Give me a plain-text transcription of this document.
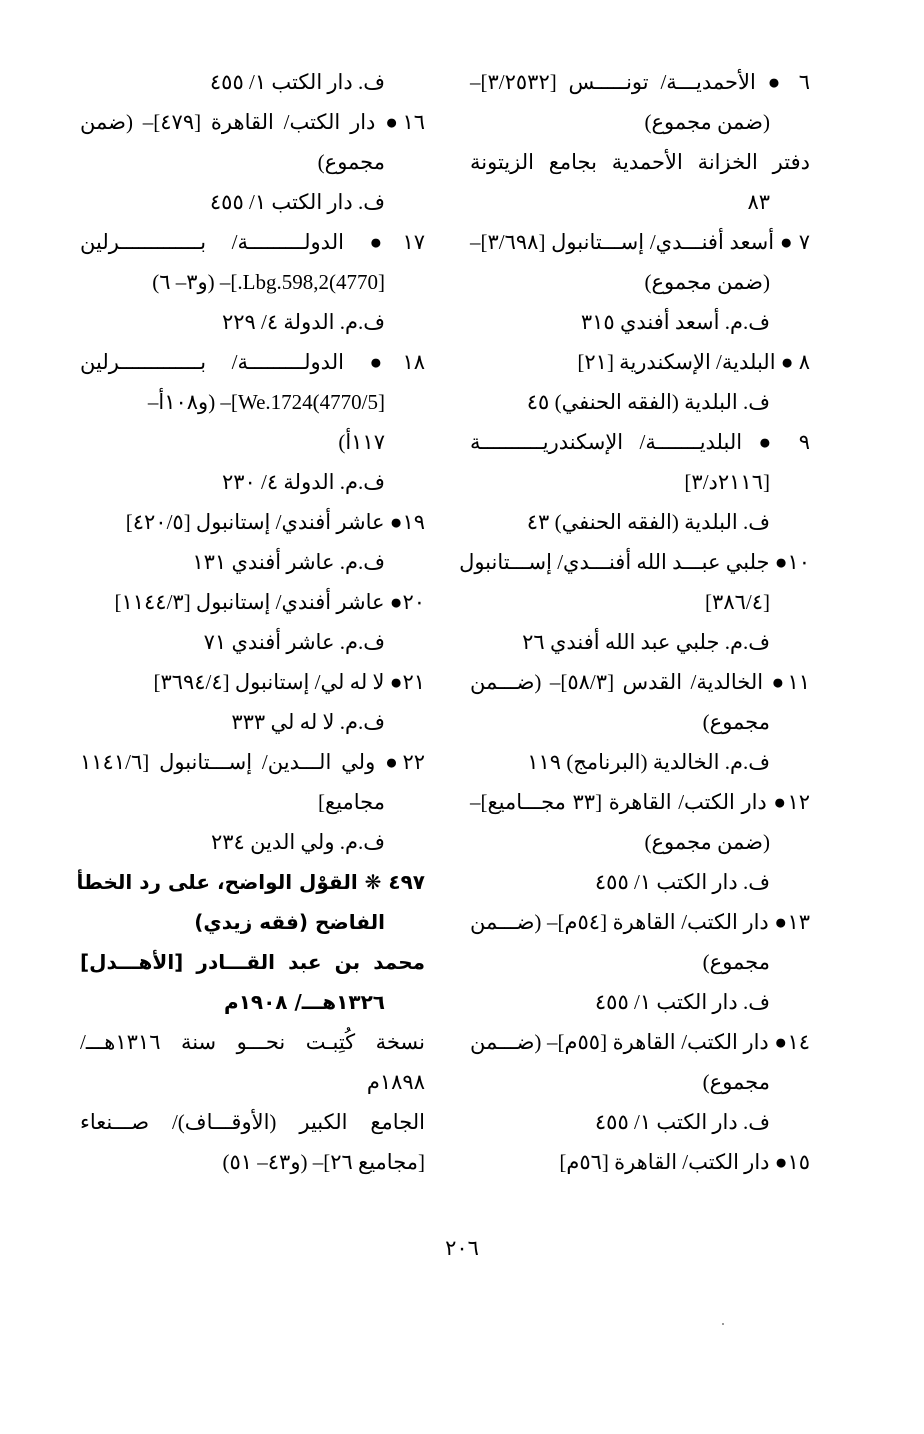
٦ ● الأحمديـــة/ تونـــــس [٣/٢٥٣٢]–
(ضمن مجموع)
دفتر الخزانة الأحمدية بجامع الزيتونة
٨٣
٧ ● أسعد أفنـــدي/ إســـتانبول [٣/٦٩٨]–
(ضمن مجموع)
ف.م. أسعد أفندي ٣١٥
٨ ● البلدية/ الإسكندرية [٢١]
ف. البلدية (الفقه الحنفي) ٤٥
٩ ● البلديـــــــة/ الإسكندريــــــــــة
[٢١١٦د/٣]
ف. البلدية (الفقه الحنفي) ٤٣
١٠● جلبي عبـــد الله أفنـــدي/ إســـتانبول
[٣٨٦/٤]
ف.م. جلبي عبد الله أفندي ٢٦
١١● الخالدية/ القدس [٥٨/٣]– (ضـــمن
مجموع)
ف.م. الخالدية (البرنامج) ١١٩
١٢● دار الكتب/ القاهرة [٣٣ مجـــاميع]–
(ضمن مجموع)
ف. دار الكتب ١/ ٤٥٥
١٣● دار الكتب/ القاهرة [٥٤م]– (ضـــمن
مجموع)
ف. دار الكتب ١/ ٤٥٥
١٤● دار الكتب/ القاهرة [٥٥م]– (ضـــمن
مجموع)
ف. دار الكتب ١/ ٤٥٥
١٥● دار الكتب/ القاهرة [٥٦م]
ف. دار الكتب ١/ ٤٥٥
١٦● دار الكتب/ القاهرة [٤٧٩]– (ضمن
مجموع)
ف. دار الكتب ١/ ٤٥٥
١٧● الدولـــــــــة/ بـــــــــــــرلين
[4770)Lbg.598,2.]– (و٣– ٦)
ف.م. الدولة ٤/ ٢٢٩
١٨● الدولـــــــــة/ بـــــــــــــرلين
[4770/5)We.1724]– (و١٠٨أ–
١١٧أ)
ف.م. الدولة ٤/ ٢٣٠
١٩● عاشر أفندي/ إستانبول [٤٢٠/٥]
ف.م. عاشر أفندي ١٣١
٢٠● عاشر أفندي/ إستانبول [١١٤٤/٣]
ف.م. عاشر أفندي ٧١
٢١● لا له لي/ إستانبول [٣٦٩٤/٤]
ف.م. لا له لي ٣٣٣
٢٢● ولي الـــدين/ إســـتانبول [١١٤١/٦
مجاميع]
ف.م. ولي الدين ٢٣٤
٤٩٧ ❋ القوْل الواضح، على رد الخطأ
الفاضح (فقه زيدي)
محمد بن عبد القـــادر [الأهـــدل]
١٣٢٦هـــ/ ١٩٠٨م
نسخة كُتِبـت نحـــو سنة ١٣١٦هـــ/
١٨٩٨م
الجامع الكبير (الأوقـــاف)/ صـــنعاء
[مجاميع ٢٦]– (و٤٣– ٥١)
٢٠٦
